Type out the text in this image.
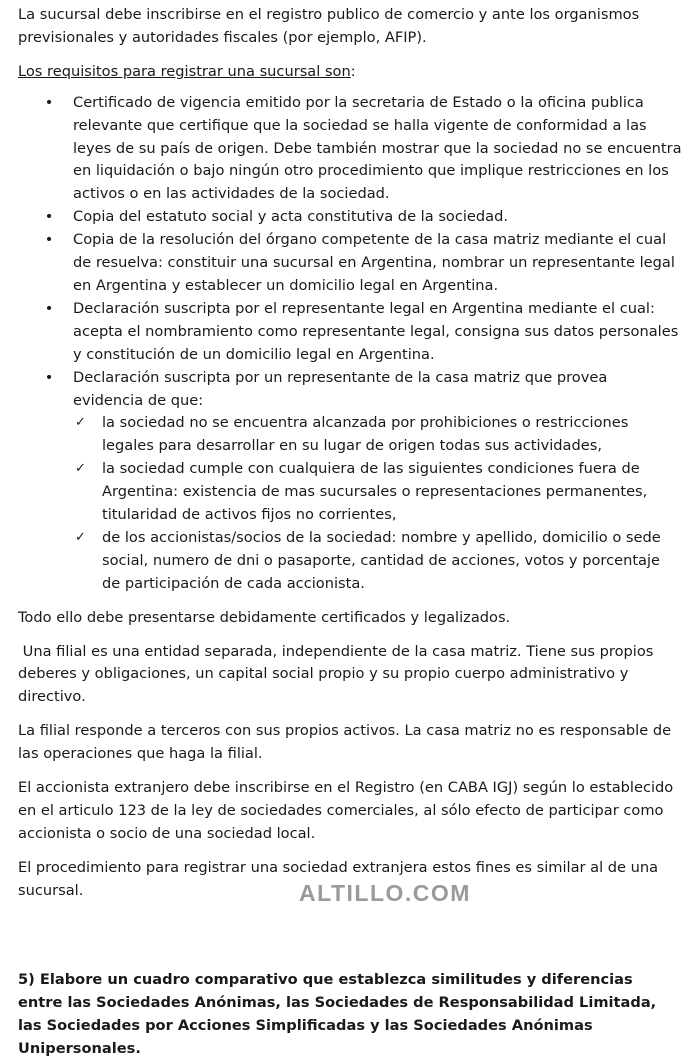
La sucursal debe inscribirse en el registro publico de comercio y ante los organismos previsionales y autoridades fiscales (por ejemplo, AFIP).

Los requisitos para registrar una sucursal son:

• Certificado de vigencia emitido por la secretaria de Estado o la oficina publica relevante que certifique que la sociedad se halla vigente de conformidad a las leyes de su país de origen. Debe también mostrar que la sociedad no se encuentra en liquidación o bajo ningún otro procedimiento que implique restricciones en los activos o en las actividades de la sociedad.
• Copia del estatuto social y acta constitutiva de la sociedad.
• Copia de la resolución del órgano competente de la casa matriz mediante el cual de resuelva: constituir una sucursal en Argentina, nombrar un representante legal en Argentina y establecer un domicilio legal en Argentina.
• Declaración suscripta por el representante legal en Argentina mediante el cual: acepta el nombramiento como representante legal, consigna sus datos personales y constitución de un domicilio legal en Argentina.
• Declaración suscripta por un representante de la casa matriz que provea evidencia de que:
✓ la sociedad no se encuentra alcanzada por prohibiciones o restricciones legales para desarrollar en su lugar de origen todas sus actividades,
✓ la sociedad cumple con cualquiera de las siguientes condiciones fuera de Argentina: existencia de mas sucursales o representaciones permanentes, titularidad de activos fijos no corrientes,
✓ de los accionistas/socios de la sociedad: nombre y apellido, domicilio o sede social, numero de dni o pasaporte, cantidad de acciones, votos y porcentaje de participación de cada accionista.

Todo ello debe presentarse debidamente certificados y legalizados.

Una filial es una entidad separada, independiente de la casa matriz. Tiene sus propios deberes y obligaciones, un capital social propio y su propio cuerpo administrativo y directivo.

La filial responde a terceros con sus propios activos. La casa matriz no es responsable de las operaciones que haga la filial.

El accionista extranjero debe inscribirse en el Registro (en CABA IGJ) según lo establecido en el articulo 123 de la ley de sociedades comerciales, al sólo efecto de participar como accionista o socio de una sociedad local.

El procedimiento para registrar una sociedad extranjera estos fines es similar al de una sucursal.	ALTILLO.COM

5) Elabore un cuadro comparativo que establezca similitudes y diferencias entre las Sociedades Anónimas, las Sociedades de Responsabilidad Limitada, las Sociedades por Acciones Simplificadas y las Sociedades Anónimas Unipersonales.
